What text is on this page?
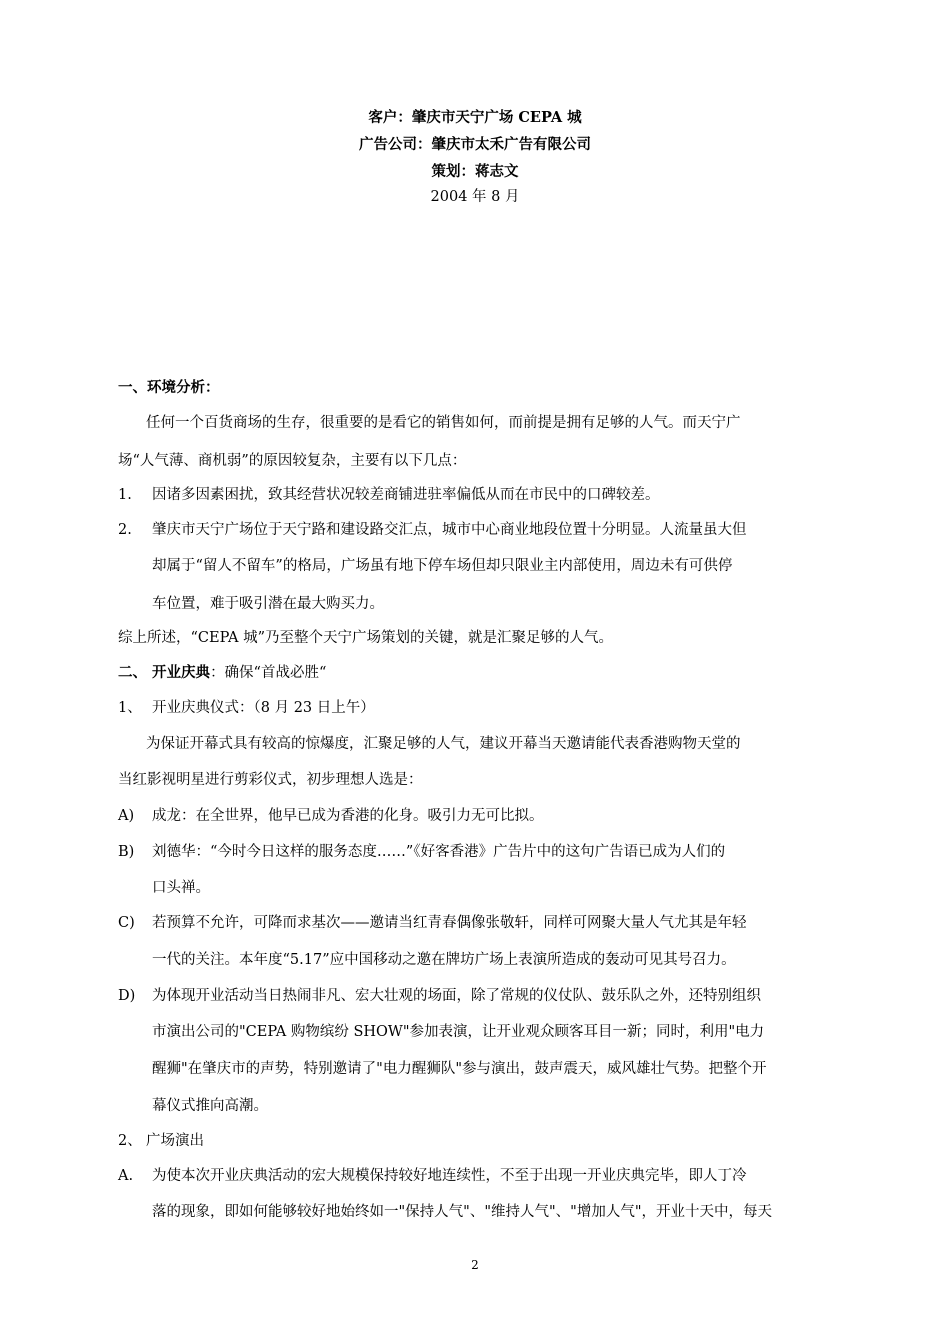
客户：肇庆市天宁广场 CEPA 城
广告公司：肇庆市太禾广告有限公司
策划：蒋志文
2004 年 8 月
一、环境分析：
任何一个百货商场的生存，很重要的是看它的销售如何，而前提是拥有足够的人气。而天宁广
场“人气薄、商机弱”的原因较复杂，主要有以下几点：
1. 因诸多因素困扰，致其经营状况较差商铺进驻率偏低从而在市民中的口碑较差。
2. 肇庆市天宁广场位于天宁路和建设路交汇点，城市中心商业地段位置十分明显。人流量虽大但
却属于“留人不留车”的格局，广场虽有地下停车场但却只限业主内部使用，周边未有可供停
车位置，难于吸引潜在最大购买力。
综上所述，“CEPA 城”乃至整个天宁广场策划的关键，就是汇聚足够的人气。
二、 开业庆典：确保“首战必胜“
1、 开业庆典仪式：（8 月 23 日上午）
为保证开幕式具有较高的惊爆度，汇聚足够的人气，建议开幕当天邀请能代表香港购物天堂的
当红影视明星进行剪彩仪式，初步理想人选是：
A) 成龙：在全世界，他早已成为香港的化身。吸引力无可比拟。
B) 刘德华：“今时今日这样的服务态度……”《好客香港》广告片中的这句广告语已成为人们的
口头禅。
C) 若预算不允许，可降而求基次——邀请当红青春偶像张敬轩，同样可网聚大量人气尤其是年轻
一代的关注。本年度“5.17”应中国移动之邀在牌坊广场上表演所造成的轰动可见其号召力。
D) 为体现开业活动当日热闹非凡、宏大壮观的场面，除了常规的仪仗队、鼓乐队之外，还特别组织
市演出公司的"CEPA 购物缤纷 SHOW"参加表演，让开业观众顾客耳目一新；同时，利用"电力
醒狮"在肇庆市的声势，特别邀请了"电力醒狮队"参与演出，鼓声震天，威风雄壮气势。把整个开
幕仪式推向高潮。
2、 广场演出
A. 为使本次开业庆典活动的宏大规模保持较好地连续性，不至于出现一开业庆典完毕，即人丁冷
落的现象，即如何能够较好地始终如一"保持人气"、"维持人气"、"增加人气"，开业十天中，每天
2
